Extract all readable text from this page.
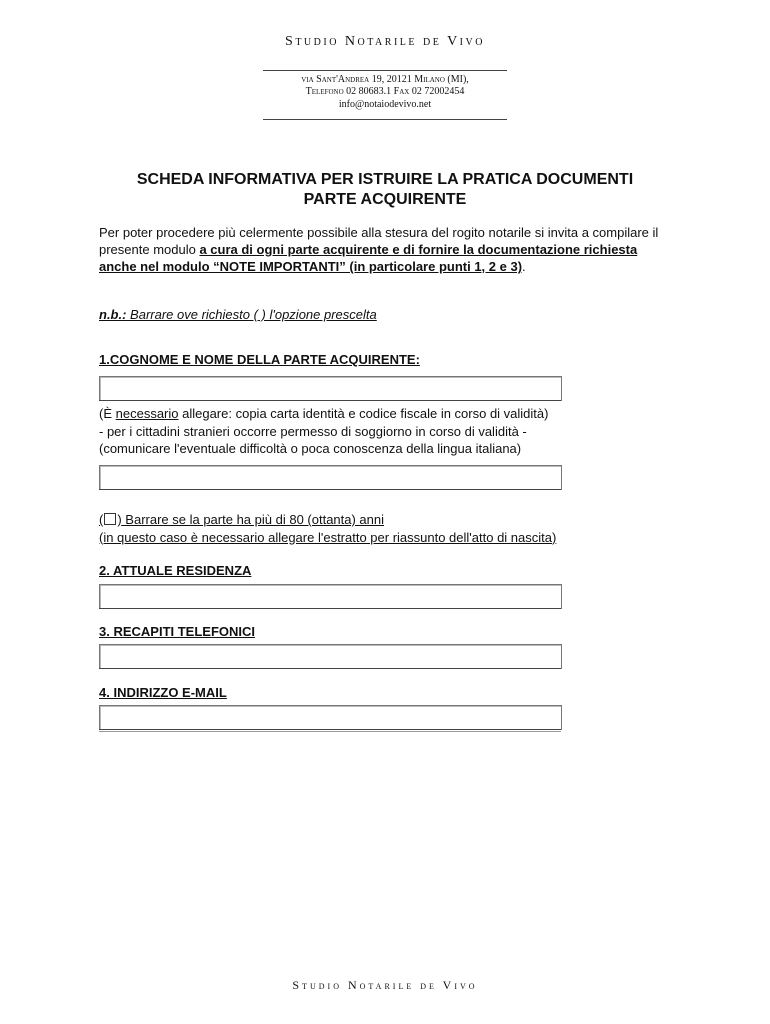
Studio Notarile de Vivo
via Sant'Andrea 19, 20121 Milano (MI),
Telefono 02 80683.1 Fax 02 72002454
info@notaiodevivo.net
SCHEDA INFORMATIVA PER ISTRUIRE LA PRATICA DOCUMENTI
PARTE ACQUIRENTE
Per poter procedere più celermente possibile alla stesura del rogito notarile si invita a compilare il presente modulo a cura di ogni parte acquirente e di fornire la documentazione richiesta anche nel modulo “NOTE IMPORTANTI” (in particolare punti 1, 2 e 3).
n.b.: Barrare ove richiesto ( ) l'opzione prescelta
1.COGNOME E NOME DELLA PARTE ACQUIRENTE:
(È necessario allegare: copia carta identità e codice fiscale in corso di validità)
- per i cittadini stranieri occorre permesso di soggiorno in corso di validità -
(comunicare l'eventuale difficoltà o poca conoscenza della lingua italiana)
( ) Barrare se la parte ha più di 80 (ottanta) anni
(in questo caso è necessario allegare l'estratto per riassunto dell'atto di nascita)
2. ATTUALE RESIDENZA
3. RECAPITI TELEFONICI
4. INDIRIZZO E-MAIL
Studio Notarile de Vivo
